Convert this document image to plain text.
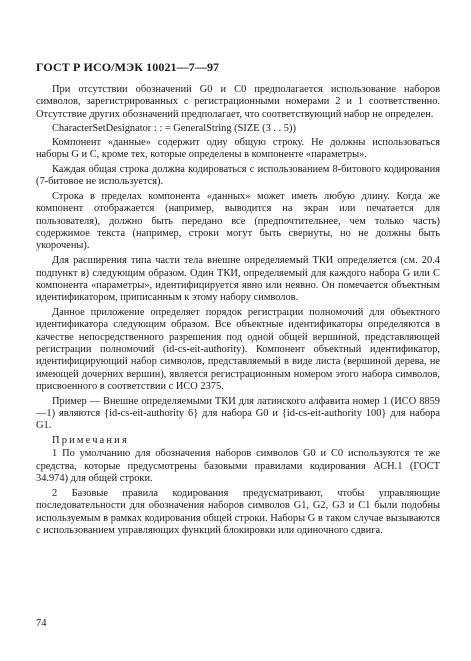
ГОСТ Р ИСО/МЭК 10021—7—97

При отсутствии обозначений G0 и C0 предполагается использование наборов символов, зарегистрированных с регистрационными номерами 2 и 1 соответственно. Отсутствие других обозначений предполагает, что соответствующий набор не определен.

CharacterSetDesignator : : = GeneralString (SIZE (3 . . 5))

Компонент «данные» содержит одну общую строку. Не должны использоваться наборы G и C, кроме тех, которые определены в компоненте «параметры».

Каждая общая строка должна кодироваться с использованием 8-битового кодирования (7-битовое не используется).

Строка в пределах компонента «данных» может иметь любую длину. Когда же компонент отображается (например, выводится на экран или печатается для пользователя), должно быть передано все (предпочтительнее, чем только часть) содержимое текста (например, строки могут быть свернуты, но не должны быть укорочены).

Для расширения типа части тела внешне определяемый ТКИ определяется (см. 20.4 подпункт в) следующим образом. Один ТКИ, определяемый для каждого набора G или C компонента «параметры», идентифицируется явно или неявно. Он помечается объектным идентификатором, приписанным к этому набору символов.

Данное приложение определяет порядок регистрации полномочий для объектного идентификатора следующим образом. Все объектные идентификаторы определяются в качестве непосредственного разрешения под одной общей вершиной, представляющей регистрации полномочий (id-cs-eit-authority). Компонент объектный идентификатор, идентифицирующий набор символов, представляемый в виде листа (вершиной дерева, не имеющей дочерних вершин), является регистрационным номером этого набора символов, присвоенного в соответствии с ИСО 2375.

Пример — Внешне определяемыми ТКИ для латинского алфавита номер 1 (ИСО 8859—1) являются {id-cs-eit-authority 6} для набора G0 и {id-cs-eit-authority 100} для набора G1.

Примечания

1 По умолчанию для обозначения наборов символов G0 и C0 используются те же средства, которые предусмотрены базовыми правилами кодирования АСН.1 (ГОСТ 34.974) для общей строки.

2 Базовые правила кодирования предусматривают, чтобы управляющие последовательности для обозначения наборов символов G1, G2, G3 и C1 были подобны используемым в рамках кодирования общей строки. Наборы G в таком случае вызываются с использованием управляющих функций блокировки или одиночного сдвига.

74
